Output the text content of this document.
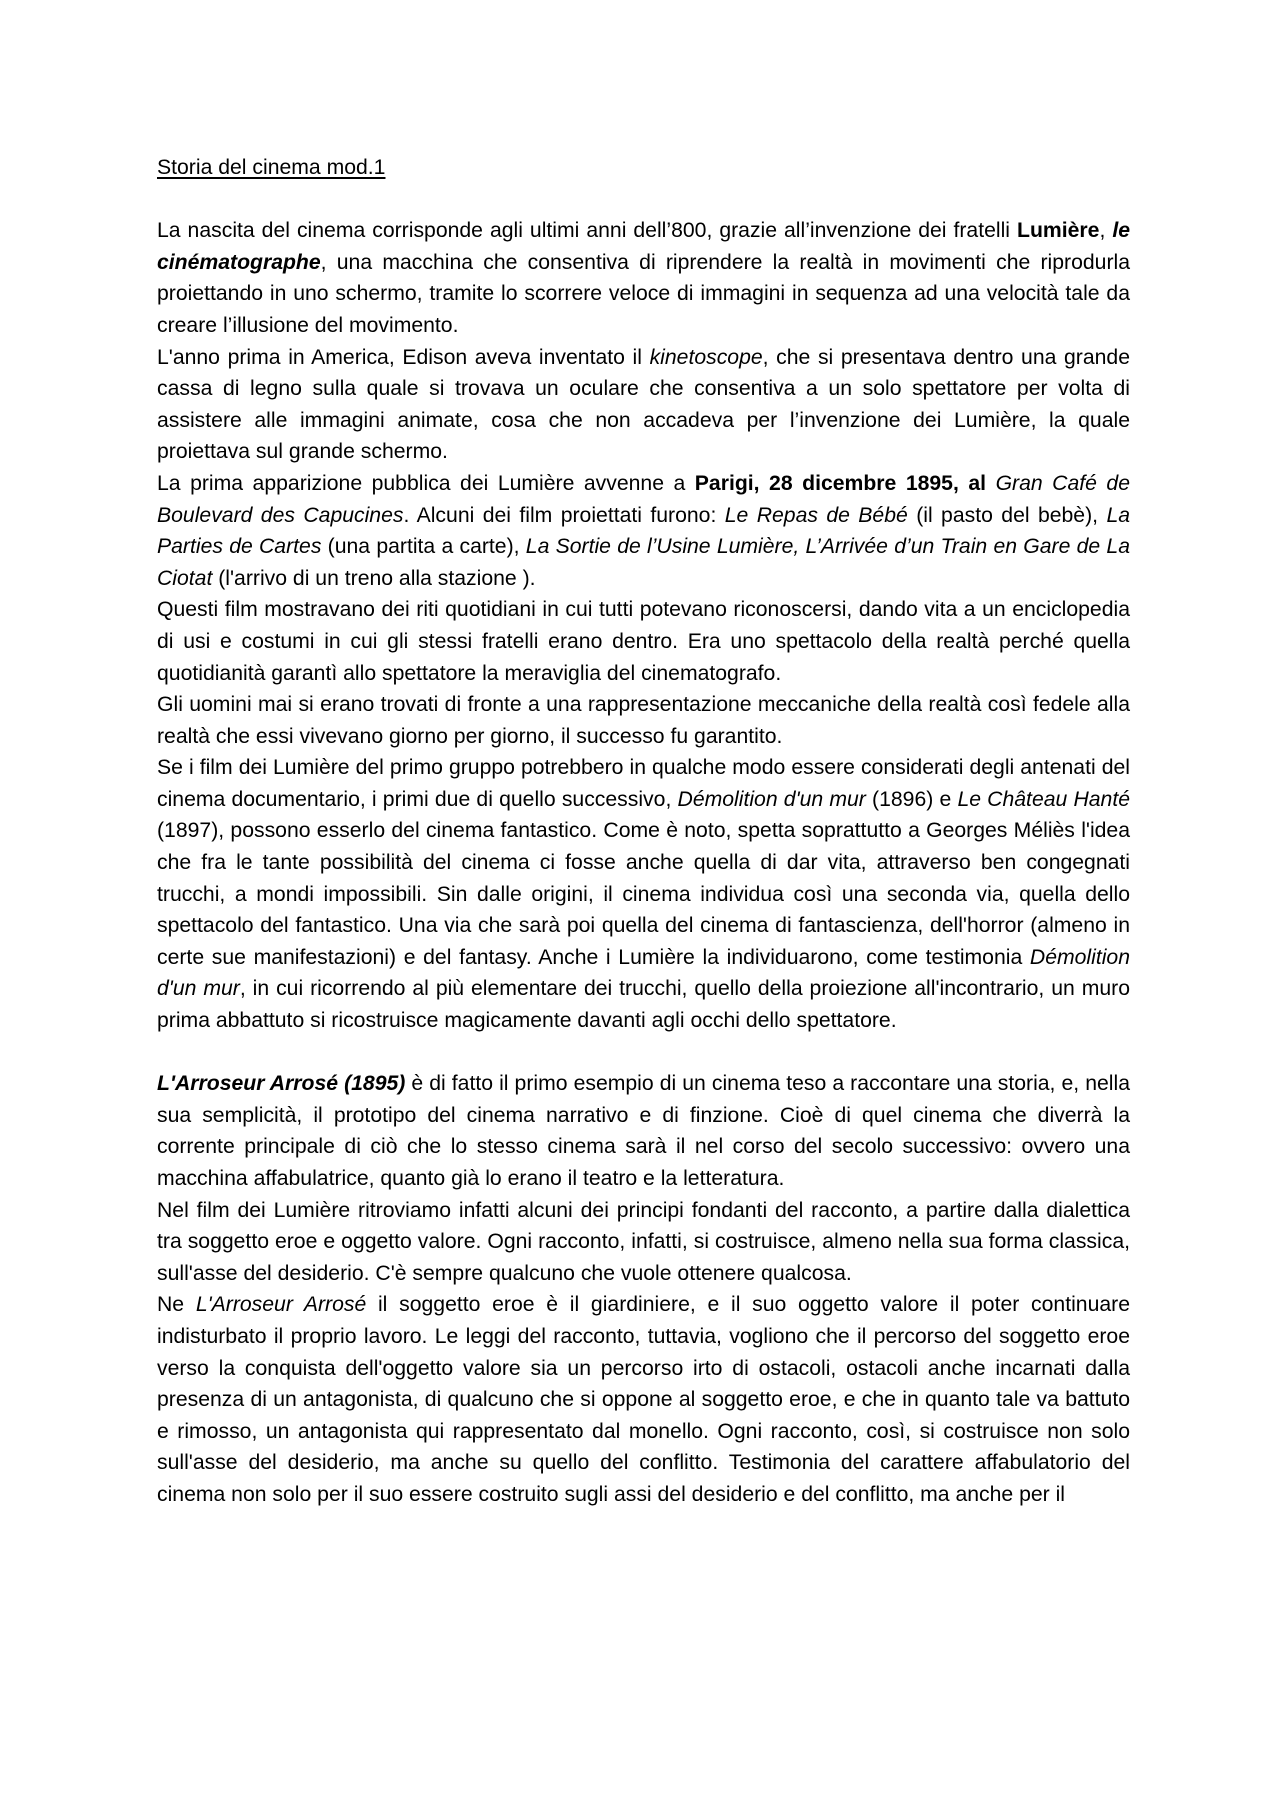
Storia del cinema mod.1

La nascita del cinema corrisponde agli ultimi anni dell’800, grazie all’invenzione dei fratelli Lumière, le cinématographe, una macchina che consentiva di riprendere la realtà in movimenti che riprodurla proiettando in uno schermo, tramite lo scorrere veloce di immagini in sequenza ad una velocità tale da creare l’illusione del movimento.

L'anno prima in America, Edison aveva inventato il kinetoscope, che si presentava dentro una grande cassa di legno sulla quale si trovava un oculare che consentiva a un solo spettatore per volta di assistere alle immagini animate, cosa che non accadeva per l’invenzione dei Lumière, la quale proiettava sul grande schermo.

La prima apparizione pubblica dei Lumière avvenne a Parigi, 28 dicembre 1895, al Gran Café de Boulevard des Capucines. Alcuni dei film proiettati furono: Le Repas de Bébé (il pasto del bebè), La Parties de Cartes (una partita a carte), La Sortie de l’Usine Lumière, L’Arrivée d’un Train en Gare de La Ciotat (l'arrivo di un treno alla stazione ).

Questi film mostravano dei riti quotidiani in cui tutti potevano riconoscersi, dando vita a un enciclopedia di usi e costumi in cui gli stessi fratelli erano dentro. Era uno spettacolo della realtà perché quella quotidianità garantì allo spettatore la meraviglia del cinematografo.

Gli uomini mai si erano trovati di fronte a una rappresentazione meccaniche della realtà così fedele alla realtà che essi vivevano giorno per giorno, il successo fu garantito.

Se i film dei Lumière del primo gruppo potrebbero in qualche modo essere considerati degli antenati del cinema documentario, i primi due di quello successivo, Démolition d'un mur (1896) e Le Château Hanté (1897), possono esserlo del cinema fantastico. Come è noto, spetta soprattutto a Georges Méliès l'idea che fra le tante possibilità del cinema ci fosse anche quella di dar vita, attraverso ben congegnati trucchi, a mondi impossibili. Sin dalle origini, il cinema individua così una seconda via, quella dello spettacolo del fantastico. Una via che sarà poi quella del cinema di fantascienza, dell'horror (almeno in certe sue manifestazioni) e del fantasy. Anche i Lumière la individuarono, come testimonia Démolition d'un mur, in cui ricorrendo al più elementare dei trucchi, quello della proiezione all'incontrario, un muro prima abbattuto si ricostruisce magicamente davanti agli occhi dello spettatore.

L'Arroseur Arrosé (1895) è di fatto il primo esempio di un cinema teso a raccontare una storia, e, nella sua semplicità, il prototipo del cinema narrativo e di finzione. Cioè di quel cinema che diverrà la corrente principale di ciò che lo stesso cinema sarà il nel corso del secolo successivo: ovvero una macchina affabulatrice, quanto già lo erano il teatro e la letteratura.

Nel film dei Lumière ritroviamo infatti alcuni dei principi fondanti del racconto, a partire dalla dialettica tra soggetto eroe e oggetto valore. Ogni racconto, infatti, si costruisce, almeno nella sua forma classica, sull'asse del desiderio. C'è sempre qualcuno che vuole ottenere qualcosa.

Ne L'Arroseur Arrosé il soggetto eroe è il giardiniere, e il suo oggetto valore il poter continuare indisturbato il proprio lavoro. Le leggi del racconto, tuttavia, vogliono che il percorso del soggetto eroe verso la conquista dell'oggetto valore sia un percorso irto di ostacoli, ostacoli anche incarnati dalla presenza di un antagonista, di qualcuno che si oppone al soggetto eroe, e che in quanto tale va battuto e rimosso, un antagonista qui rappresentato dal monello. Ogni racconto, così, si costruisce non solo sull'asse del desiderio, ma anche su quello del conflitto. Testimonia del carattere affabulatorio del cinema non solo per il suo essere costruito sugli assi del desiderio e del conflitto, ma anche per il
